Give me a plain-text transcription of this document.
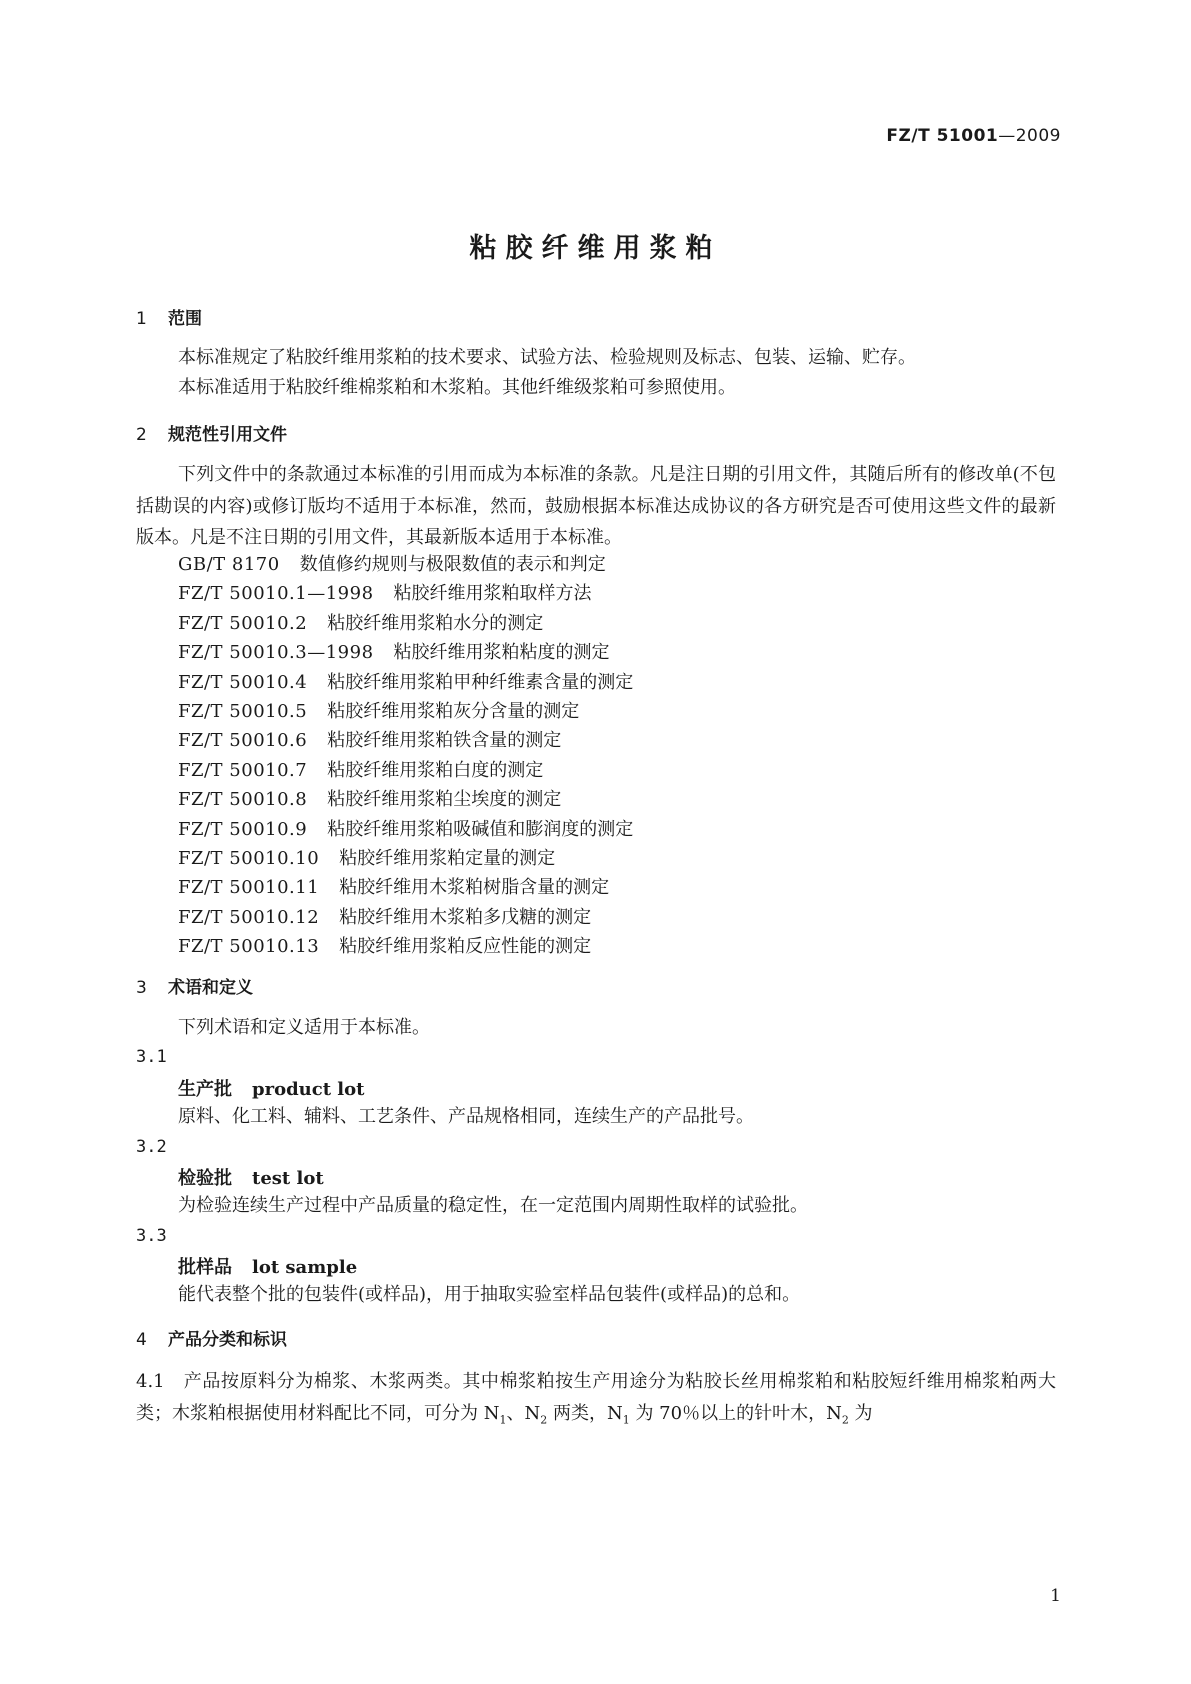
FZ/T 51001—2009
粘胶纤维用浆粕
1 范围
本标准规定了粘胶纤维用浆粕的技术要求、试验方法、检验规则及标志、包装、运输、贮存。
本标准适用于粘胶纤维棉浆粕和木浆粕。其他纤维级浆粕可参照使用。
2 规范性引用文件
下列文件中的条款通过本标准的引用而成为本标准的条款。凡是注日期的引用文件，其随后所有的修改单(不包括勘误的内容)或修订版均不适用于本标准，然而，鼓励根据本标准达成协议的各方研究是否可使用这些文件的最新版本。凡是不注日期的引用文件，其最新版本适用于本标准。
GB/T 8170 数值修约规则与极限数值的表示和判定
FZ/T 50010.1—1998 粘胶纤维用浆粕取样方法
FZ/T 50010.2 粘胶纤维用浆粕水分的测定
FZ/T 50010.3—1998 粘胶纤维用浆粕粘度的测定
FZ/T 50010.4 粘胶纤维用浆粕甲种纤维素含量的测定
FZ/T 50010.5 粘胶纤维用浆粕灰分含量的测定
FZ/T 50010.6 粘胶纤维用浆粕铁含量的测定
FZ/T 50010.7 粘胶纤维用浆粕白度的测定
FZ/T 50010.8 粘胶纤维用浆粕尘埃度的测定
FZ/T 50010.9 粘胶纤维用浆粕吸碱值和膨润度的测定
FZ/T 50010.10 粘胶纤维用浆粕定量的测定
FZ/T 50010.11 粘胶纤维用木浆粕树脂含量的测定
FZ/T 50010.12 粘胶纤维用木浆粕多戊糖的测定
FZ/T 50010.13 粘胶纤维用浆粕反应性能的测定
3 术语和定义
下列术语和定义适用于本标准。
3.1
生产批 product lot
原料、化工料、辅料、工艺条件、产品规格相同，连续生产的产品批号。
3.2
检验批 test lot
为检验连续生产过程中产品质量的稳定性，在一定范围内周期性取样的试验批。
3.3
批样品 lot sample
能代表整个批的包装件(或样品)，用于抽取实验室样品包装件(或样品)的总和。
4 产品分类和标识
4.1　 产品按原料分为棉浆、木浆两类。其中棉浆粕按生产用途分为粘胶长丝用棉浆粕和粘胶短纤维用棉浆粕两大类；木浆粕根据使用材料配比不同，可分为 $N_1$、$N_2$ 两类，$N_1$ 为 70％以上的针叶木，$N_2$ 为
1
